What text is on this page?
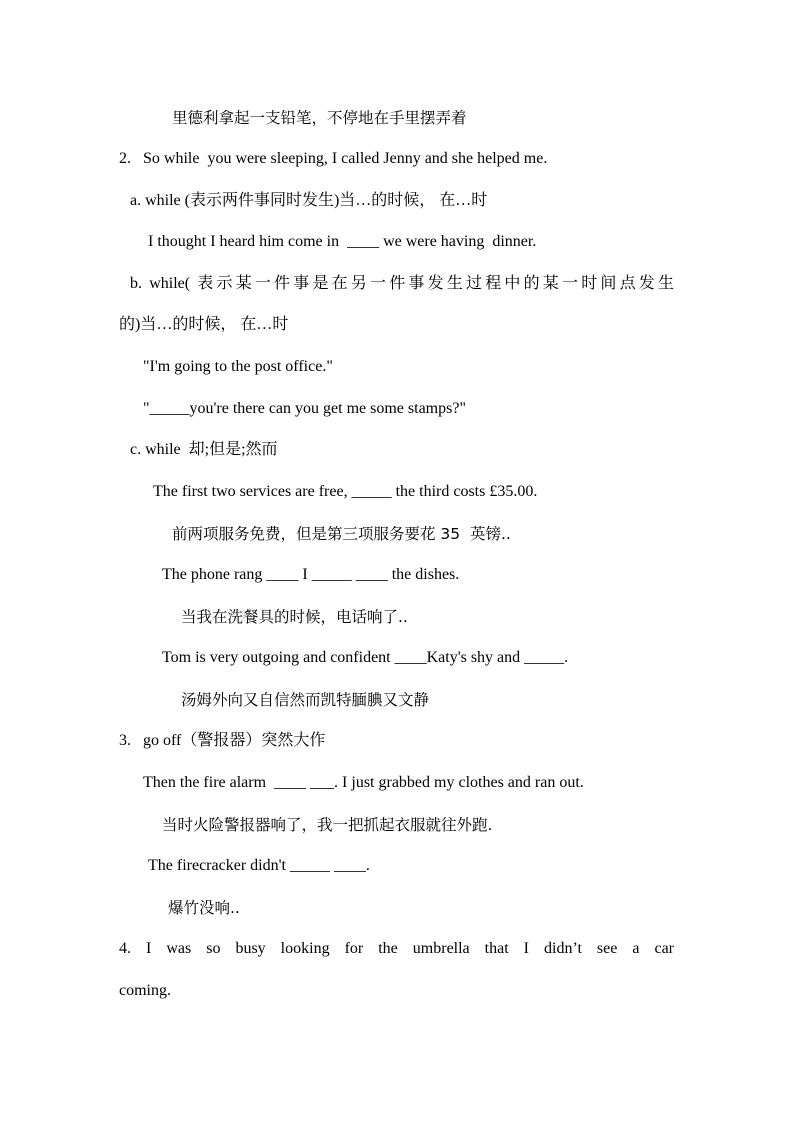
里德利拿起一支铅笔，不停地在手里摆弄着
2.   So while  you were sleeping, I called Jenny and she helped me.
a. while (表示两件事同时发生)当…的时候， 在…时
I thought I heard him come in  ____ we were having  dinner.
b. while( 表示某一件事是在另一件事发生过程中的某一时间点发生
的)当…的时候， 在…时
"I'm going to the post office."
"_____you're there can you get me some stamps?"
c. while  却;但是;然而
The first two services are free, _____ the third costs £35.00.
前两项服务免费，但是第三项服务要花 35  英镑..
The phone rang ____ I _____ ____ the dishes.
当我在洗餐具的时候，电话响了..
Tom is very outgoing and confident ____Katy's shy and _____.
汤姆外向又自信然而凯特腼腆又文静
3.   go off（警报器）突然大作
Then the fire alarm  ____ ___. I just grabbed my clothes and ran out.
当时火险警报器响了，我一把抓起衣服就往外跑.
The firecracker didn't _____ ____.
爆竹没响..
4. I was so busy looking for the umbrella that I didn’t see a car
coming.
